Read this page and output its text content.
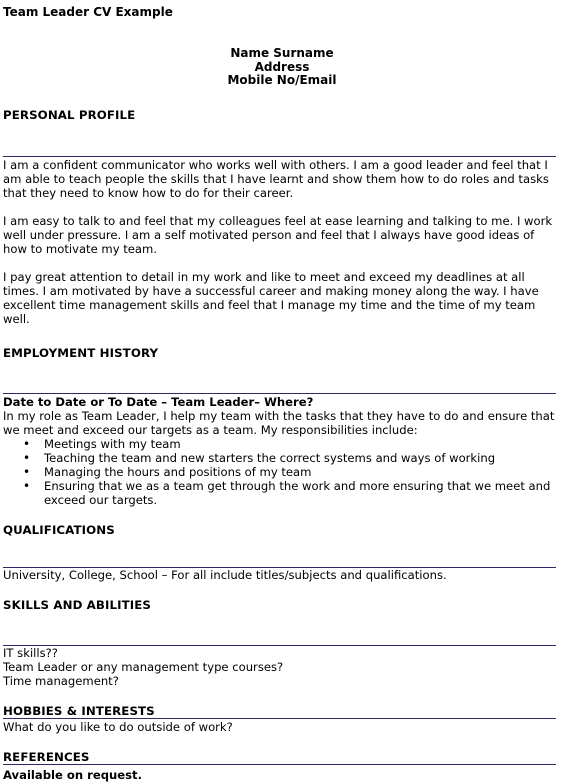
Team Leader CV Example
Name Surname
Address
Mobile No/Email
PERSONAL PROFILE

I am a confident communicator who works well with others. I am a good leader and feel that I am able to teach people the skills that I have learnt and show them how to do roles and tasks that they need to know how to do for their career.

I am easy to talk to and feel that my colleagues feel at ease learning and talking to me. I work well under pressure. I am a self motivated person and feel that I always have good ideas of how to motivate my team.

I pay great attention to detail in my work and like to meet and exceed my deadlines at all times. I am motivated by have a successful career and making money along the way. I have excellent time management skills and feel that I manage my time and the time of my team well.

EMPLOYMENT HISTORY
Date to Date or To Date – Team Leader– Where?
In my role as Team Leader, I help my team with the tasks that they have to do and ensure that we meet and exceed our targets as a team. My responsibilities include:
• Meetings with my team
• Teaching the team and new starters the correct systems and ways of working
• Managing the hours and positions of my team
• Ensuring that we as a team get through the work and more ensuring that we meet and exceed our targets.
QUALIFICATIONS
University, College, School – For all include titles/subjects and qualifications.
SKILLS AND ABILITIES
IT skills??
Team Leader or any management type courses?
Time management?
HOBBIES & INTERESTS
What do you like to do outside of work?
REFERENCES
Available on request.
